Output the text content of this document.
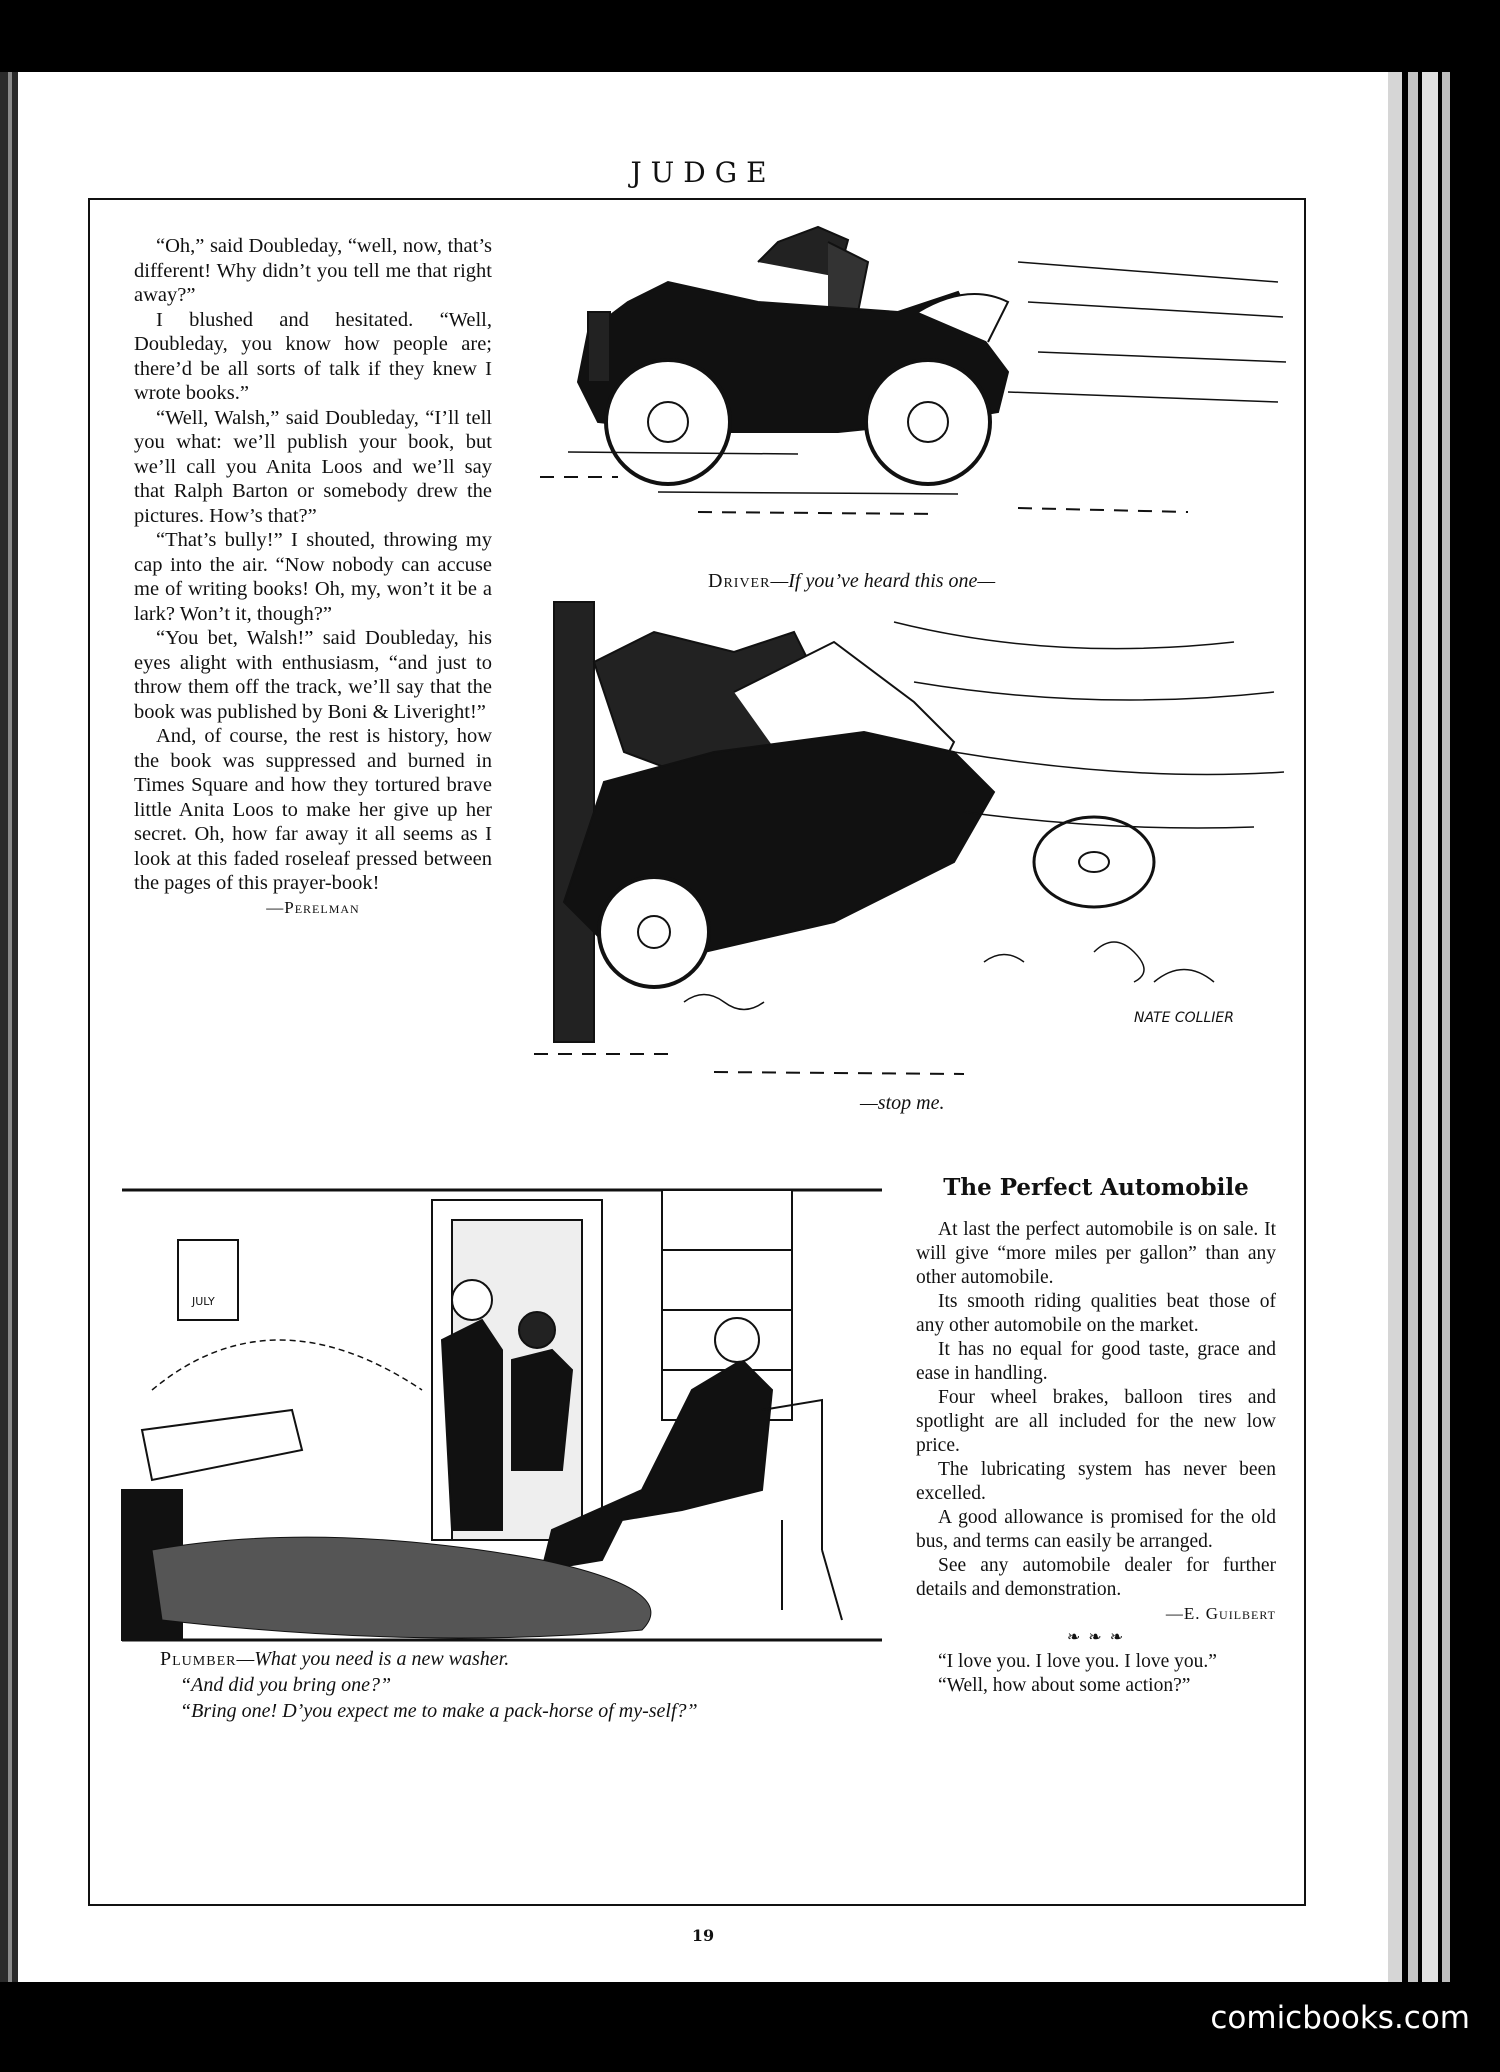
JUDGE

“Oh,” said Doubleday, “well, now, that’s different! Why didn’t you tell me that right away?”

I blushed and hesitated. “Well, Doubleday, you know how people are; there’d be all sorts of talk if they knew I wrote books.”

“Well, Walsh,” said Doubleday, “I’ll tell you what: we’ll publish your book, but we’ll call you Anita Loos and we’ll say that Ralph Barton or somebody drew the pictures. How’s that?”

“That’s bully!” I shouted, throwing my cap into the air. “Now nobody can accuse me of writing books! Oh, my, won’t it be a lark? Won’t it, though?”

“You bet, Walsh!” said Doubleday, his eyes alight with enthusiasm, “and just to throw them off the track, we’ll say that the book was published by Boni & Liveright!”

And, of course, the rest is history, how the book was suppressed and burned in Times Square and how they tortured brave little Anita Loos to make her give up her secret. Oh, how far away it all seems as I look at this faded roseleaf pressed between the pages of this prayer-book!

—Perelman

Driver—If you’ve heard this one—
NATE COLLIER
—stop me.
JULY
Plumber—What you need is a new washer.
“And did you bring one?”
“Bring one! D’you expect me to make a pack-horse of my-self?”
The Perfect Automobile

At last the perfect automobile is on sale. It will give “more miles per gallon” than any other automobile.

Its smooth riding qualities beat those of any other automobile on the market.

It has no equal for good taste, grace and ease in handling.

Four wheel brakes, balloon tires and spotlight are all included for the new low price.

The lubricating system has never been excelled.

A good allowance is promised for the old bus, and terms can easily be arranged.

See any automobile dealer for further details and demonstration.

—E. Guilbert

❧ ❧ ❧

“I love you. I love you. I love you.”

“Well, how about some action?”

19
comicbooks.com
